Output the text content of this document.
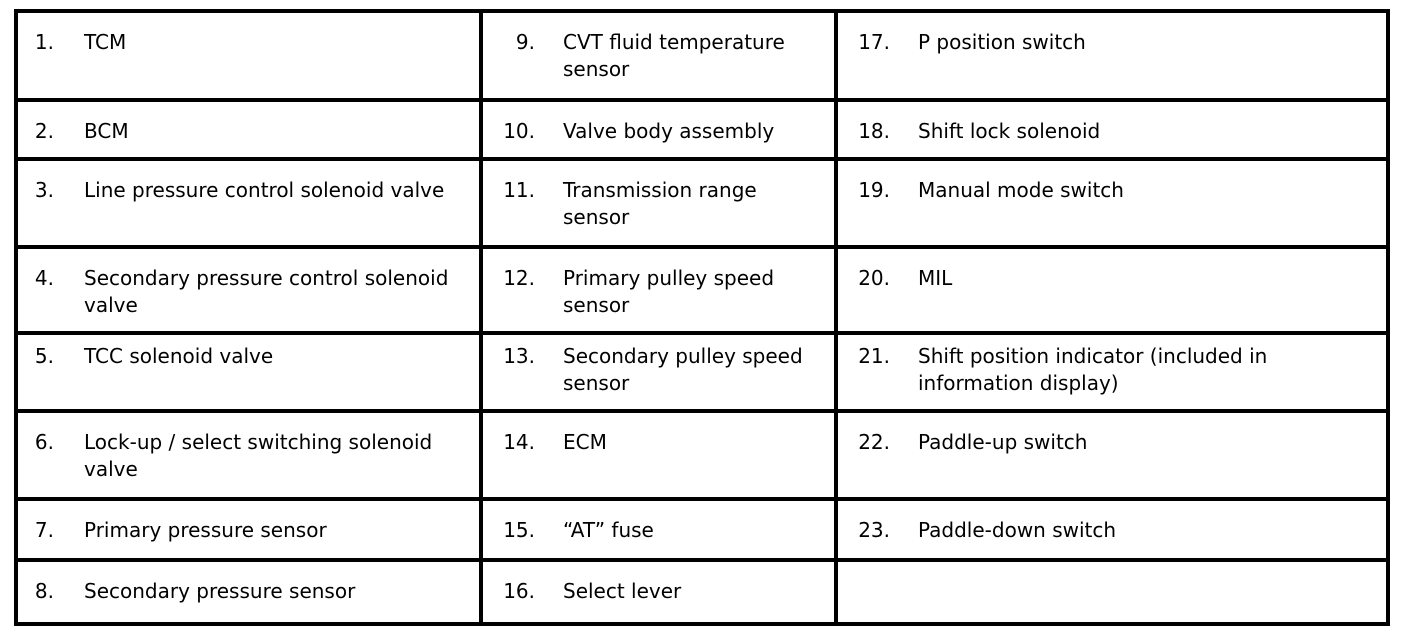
1. TCM	9. CVT fluid temperature sensor	17. P position switch

2. BCM	10. Valve body assembly	18. Shift lock solenoid

3. Line pressure control solenoid valve	11. Transmission range sensor	19. Manual mode switch

4. Secondary pressure control solenoid valve	12. Primary pulley speed sensor	20. MIL

5. TCC solenoid valve	13. Secondary pulley speed sensor	21. Shift position indicator (included in information display)

6. Lock-up / select switching solenoid valve	14. ECM	22. Paddle-up switch

7. Primary pressure sensor	15. “AT” fuse	23. Paddle-down switch

8. Secondary pressure sensor	16. Select lever	
